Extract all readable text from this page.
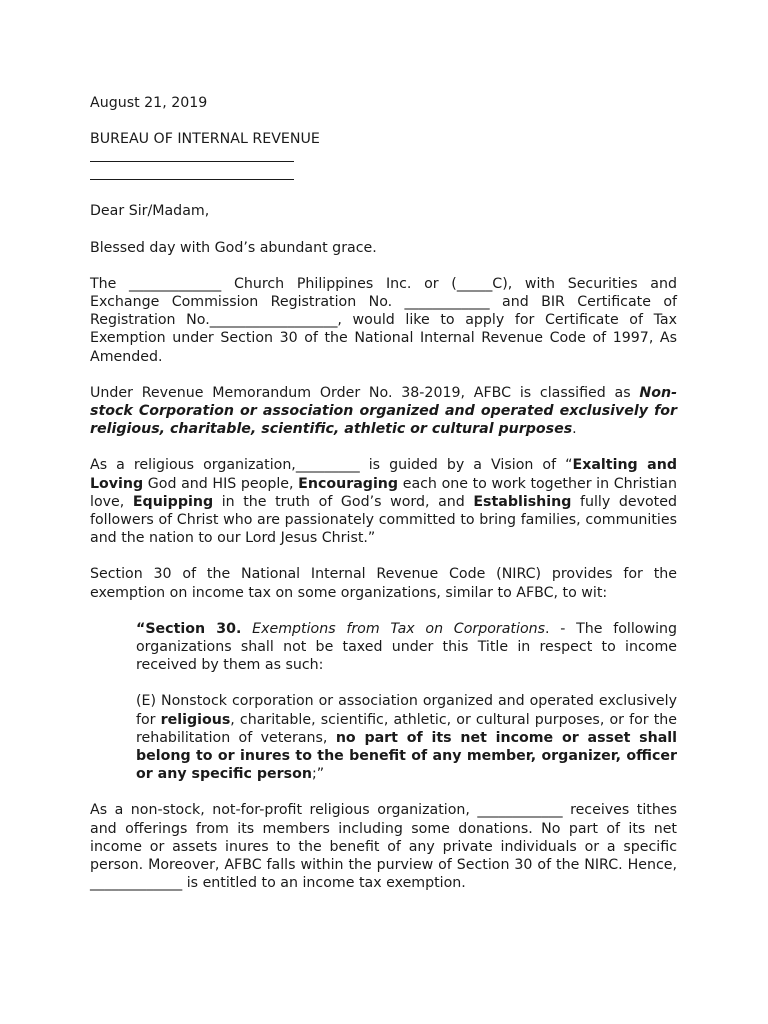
August 21, 2019

BUREAU OF INTERNAL REVENUE

Dear Sir/Madam,

Blessed day with God’s abundant grace.

The _____________ Church Philippines Inc. or (_____C), with Securities and Exchange Commission Registration No. ____________ and BIR Certificate of Registration No.__________________, would like to apply for Certificate of Tax Exemption under Section 30 of the National Internal Revenue Code of 1997, As Amended.

Under Revenue Memorandum Order No. 38-2019, AFBC is classified as Non-stock Corporation or association organized and operated exclusively for religious, charitable, scientific, athletic or cultural purposes.

As a religious organization,_________ is guided by a Vision of “Exalting and Loving God and HIS people, Encouraging each one to work together in Christian love, Equipping in the truth of God’s word, and Establishing fully devoted followers of Christ who are passionately committed to bring families, communities and the nation to our Lord Jesus Christ.”

Section 30 of the National Internal Revenue Code (NIRC) provides for the exemption on income tax on some organizations, similar to AFBC, to wit:

“Section 30. Exemptions from Tax on Corporations. - The following organizations shall not be taxed under this Title in respect to income received by them as such:

(E) Nonstock corporation or association organized and operated exclusively for religious, charitable, scientific, athletic, or cultural purposes, or for the rehabilitation of veterans, no part of its net income or asset shall belong to or inures to the benefit of any member, organizer, officer or any specific person;”

As a non-stock, not-for-profit religious organization, ____________ receives tithes and offerings from its members including some donations. No part of its net income or assets inures to the benefit of any private individuals or a specific person. Moreover, AFBC falls within the purview of Section 30 of the NIRC. Hence, _____________ is entitled to an income tax exemption.
